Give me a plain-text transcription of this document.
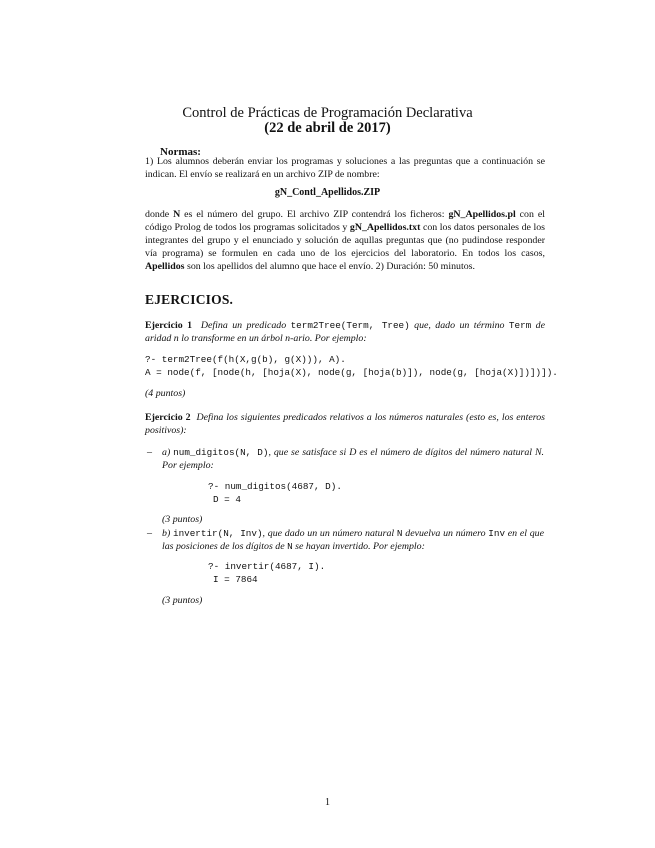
Control de Prácticas de Programación Declarativa
(22 de abril de 2017)
Normas:

1) Los alumnos deberán enviar los programas y soluciones a las preguntas que a continuación se indican. El envío se realizará en un archivo ZIP de nombre:

gN_Contl_Apellidos.ZIP

donde N es el número del grupo. El archivo ZIP contendrá los ficheros: gN_Apellidos.pl con el código Prolog de todos los programas solicitados y gN_Apellidos.txt con los datos personales de los integrantes del grupo y el enunciado y solución de aqullas preguntas que (no pudindose responder vía programa) se formulen en cada uno de los ejercicios del laboratorio. En todos los casos, Apellidos son los apellidos del alumno que hace el envío. 2) Duración: 50 minutos.

EJERCICIOS.
Ejercicio 1 Defina un predicado term2Tree(Term, Tree) que, dado un término Term de aridad n lo transforme en un árbol n-ario. Por ejemplo:
?- term2Tree(f(h(X,g(b), g(X))), A).
A = node(f, [node(h, [hoja(X), node(g, [hoja(b)]), node(g, [hoja(X)])])]).
(4 puntos)
Ejercicio 2 Defina los siguientes predicados relativos a los números naturales (esto es, los enteros positivos):
– a) num_digitos(N, D), que se satisface si D es el número de dígitos del número natural N. Por ejemplo:
?- num_digitos(4687, D).
D = 4
(3 puntos)
– b) invertir(N, Inv), que dado un un número natural N devuelva un número Inv en el que las posiciones de los dígitos de N se hayan invertido. Por ejemplo:
?- invertir(4687, I).
I = 7864
(3 puntos)
1
